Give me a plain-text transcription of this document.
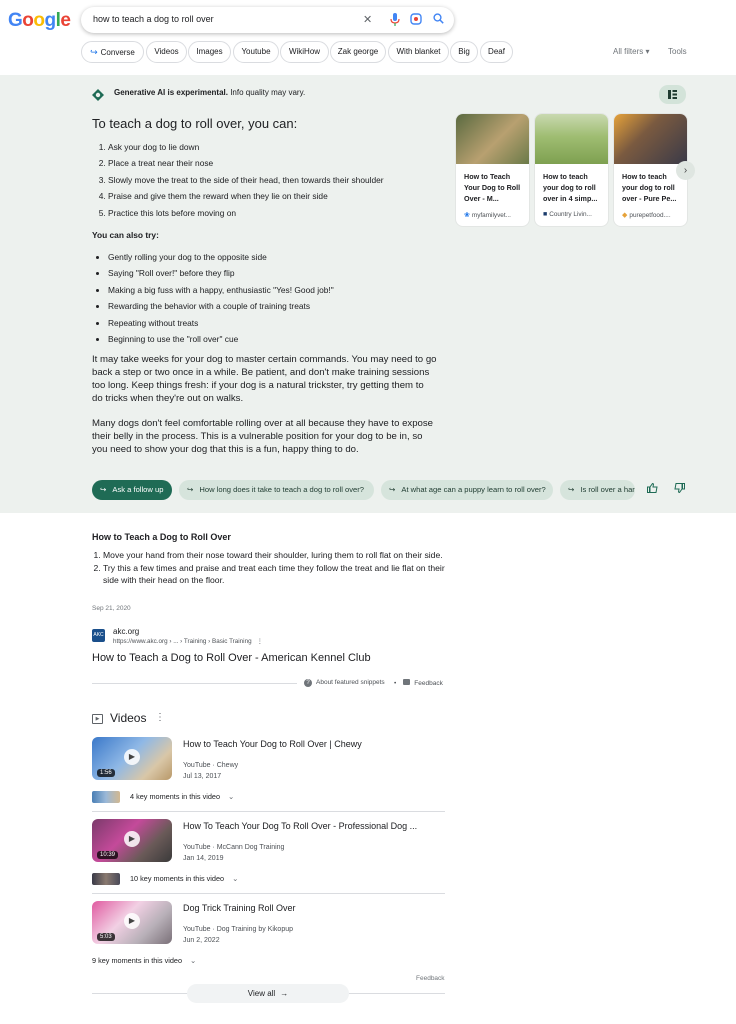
Google	how to teach a dog to roll over	✕
↪ Converse	Videos	Images	Youtube	WikiHow	Zak george	With blanket	Big	Deaf	All filters ▾ Tools
Generative AI is experimental. Info quality may vary.
To teach a dog to roll over, you can:
1. Ask your dog to lie down
2. Place a treat near their nose
3. Slowly move the treat to the side of their head, then towards their shoulder
4. Praise and give them the reward when they lie on their side
5. Practice this lots before moving on
You can also try:
• Gently rolling your dog to the opposite side
• Saying "Roll over!" before they flip
• Making a big fuss with a happy, enthusiastic "Yes! Good job!"
• Rewarding the behavior with a couple of training treats
• Repeating without treats
• Beginning to use the "roll over" cue
It may take weeks for your dog to master certain commands. You may need to go back a step or two once in a while. Be patient, and don't make training sessions too long. Keep things fresh: if your dog is a natural trickster, try getting them to do tricks when they're out on walks.
Many dogs don't feel comfortable rolling over at all because they have to expose their belly in the process. This is a vulnerable position for your dog to be in, so you need to show your dog that this is a fun, happy thing to do.
How to Teach Your Dog to Roll Over - M...
❀ myfamilyvet...
How to teach your dog to roll over in 4 simp...
■ Country Livin...
How to teach your dog to roll over - Pure Pe...
◆ purepetfood....
›
↪ Ask a follow up	↪ How long does it take to teach a dog to roll over?	↪ At what age can a puppy learn to roll over?	↪ Is roll over a har
How to Teach a Dog to Roll Over
1. Move your hand from their nose toward their shoulder, luring them to roll flat on their side.
2. Try this a few times and praise and treat each time they follow the treat and lie flat on their side with their head on the floor.
Sep 21, 2020
AKC akc.org
https://www.akc.org › ... › Training › Basic Training ⋮
How to Teach a Dog to Roll Over - American Kennel Club
? About featured snippets •	Feedback
▶ Videos ⋮
▶
1:56
How to Teach Your Dog to Roll Over | Chewy
YouTube · Chewy
Jul 13, 2017
4 key moments in this video ⌄
▶
10:39
How To Teach Your Dog To Roll Over - Professional Dog ...
YouTube · McCann Dog Training
Jan 14, 2019
10 key moments in this video ⌄
▶
5:03
Dog Trick Training Roll Over
YouTube · Dog Training by Kikopup
Jun 2, 2022
9 key moments in this video ⌄
Feedback
View all →
